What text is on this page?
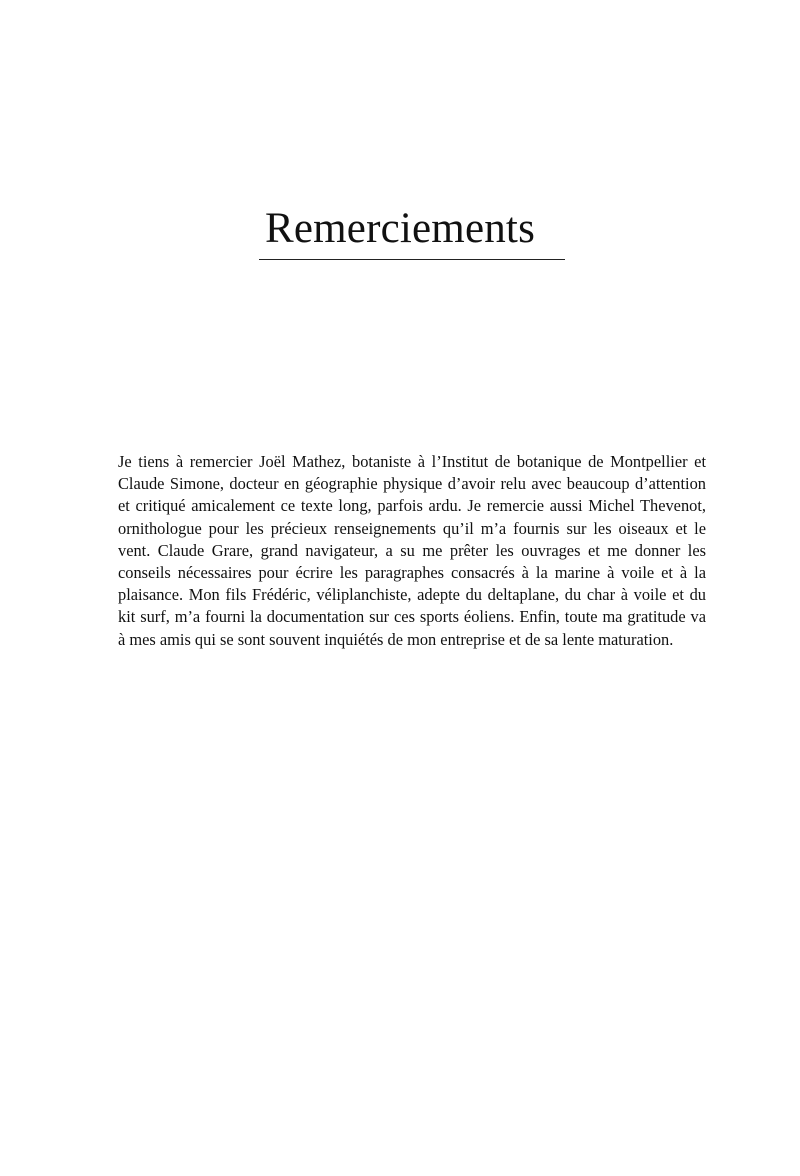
Remerciements

Je tiens à remercier Joël Mathez, botaniste à l’Institut de botanique de Montpellier et Claude Simone, docteur en géographie physique d’avoir relu avec beaucoup d’attention et critiqué amicalement ce texte long, parfois ardu. Je remercie aussi Michel Thevenot, ornithologue pour les précieux renseignements qu’il m’a fournis sur les oiseaux et le vent. Claude Grare, grand navigateur, a su me prêter les ouvrages et me donner les conseils nécessaires pour écrire les paragraphes consacrés à la marine à voile et à la plaisance. Mon fils Frédéric, véliplanchiste, adepte du deltaplane, du char à voile et du kit surf, m’a fourni la documentation sur ces sports éoliens. Enfin, toute ma gratitude va à mes amis qui se sont souvent inquiétés de mon entreprise et de sa lente maturation.
